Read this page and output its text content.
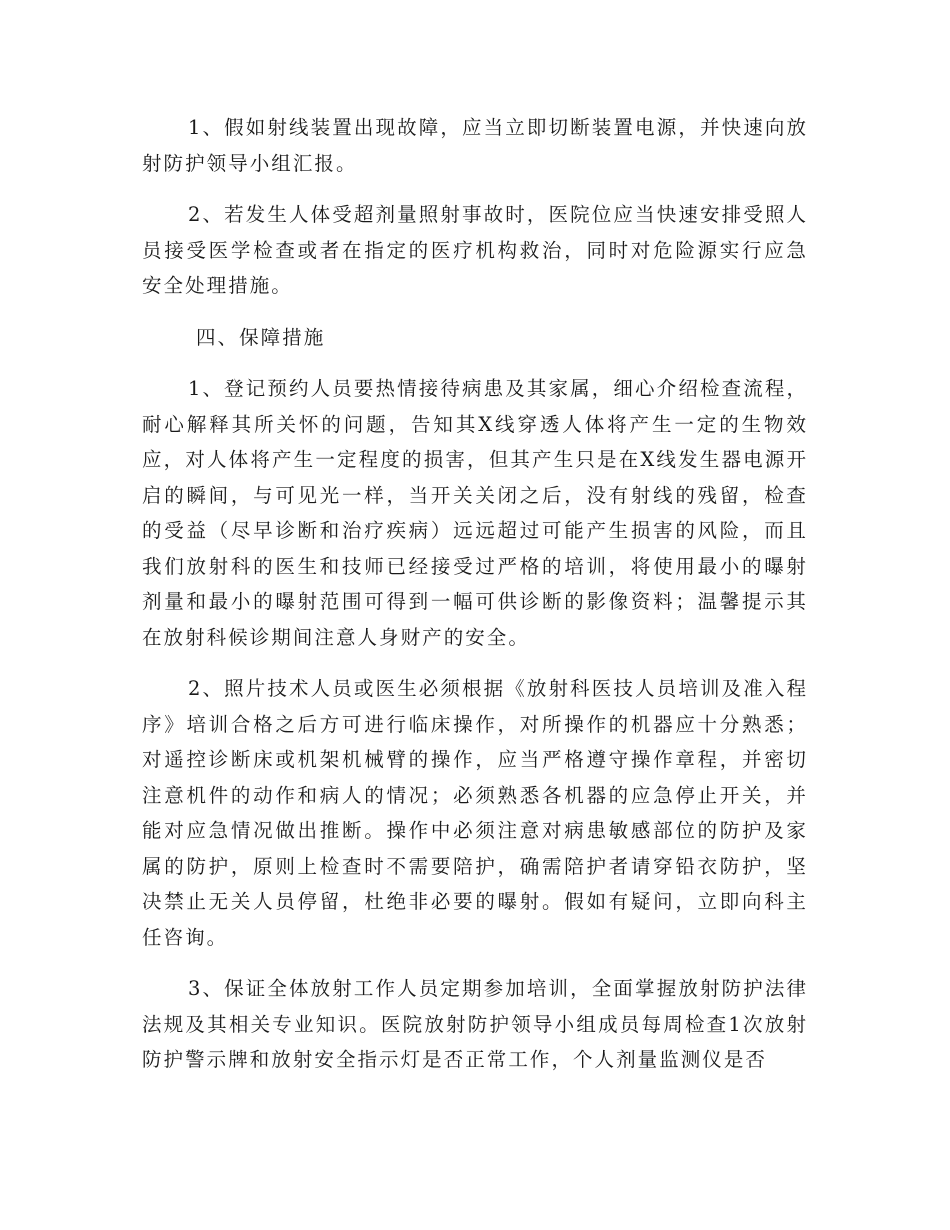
1、假如射线装置出现故障，应当立即切断装置电源，并快速向放射防护领导小组汇报。

2、若发生人体受超剂量照射事故时，医院位应当快速安排受照人员接受医学检查或者在指定的医疗机构救治，同时对危险源实行应急安全处理措施。

四、保障措施

1、登记预约人员要热情接待病患及其家属，细心介绍检查流程，耐心解释其所关怀的问题，告知其X线穿透人体将产生一定的生物效应，对人体将产生一定程度的损害，但其产生只是在X线发生器电源开启的瞬间，与可见光一样，当开关关闭之后，没有射线的残留，检查的受益（尽早诊断和治疗疾病）远远超过可能产生损害的风险，而且我们放射科的医生和技师已经接受过严格的培训，将使用最小的曝射剂量和最小的曝射范围可得到一幅可供诊断的影像资料；温馨提示其在放射科候诊期间注意人身财产的安全。

2、照片技术人员或医生必须根据《放射科医技人员培训及准入程序》培训合格之后方可进行临床操作，对所操作的机器应十分熟悉；对遥控诊断床或机架机械臂的操作，应当严格遵守操作章程，并密切注意机件的动作和病人的情况；必须熟悉各机器的应急停止开关，并能对应急情况做出推断。操作中必须注意对病患敏感部位的防护及家属的防护，原则上检查时不需要陪护，确需陪护者请穿铅衣防护，坚决禁止无关人员停留，杜绝非必要的曝射。假如有疑问，立即向科主任咨询。

3、保证全体放射工作人员定期参加培训，全面掌握放射防护法律法规及其相关专业知识。医院放射防护领导小组成员每周检查1次放射防护警示牌和放射安全指示灯是否正常工作，个人剂量监测仪是否
